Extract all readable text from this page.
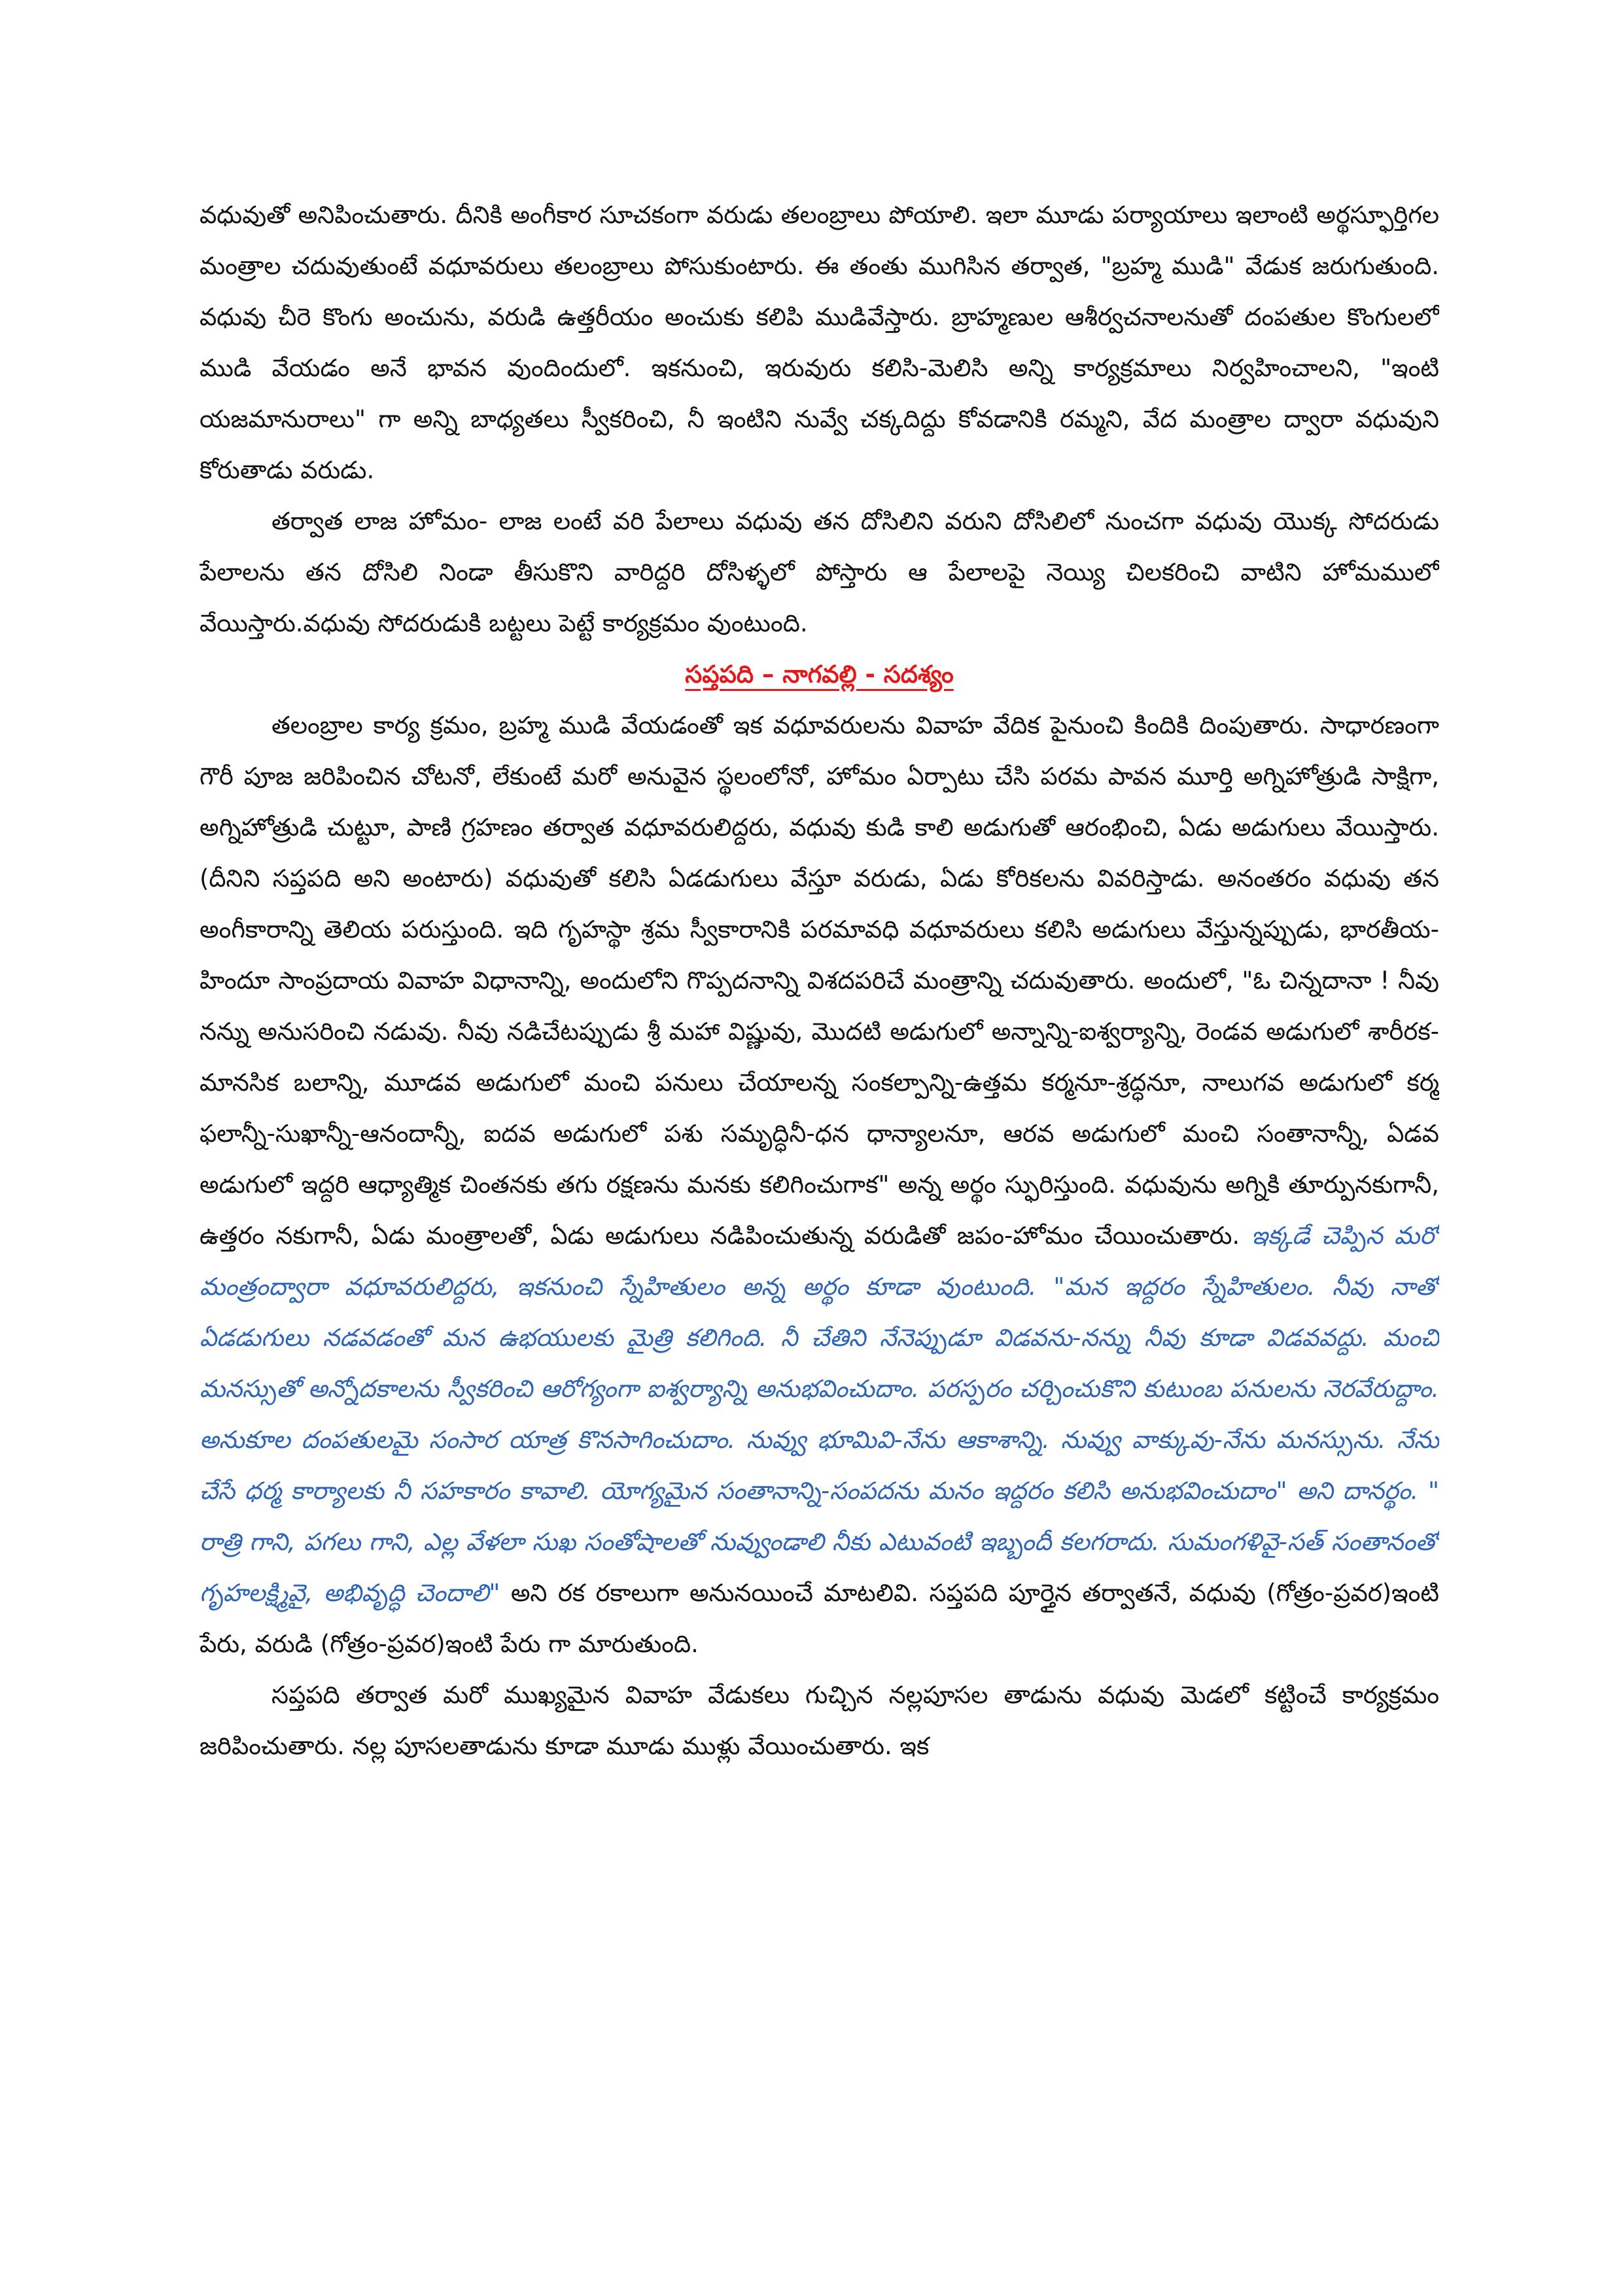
వధువుతో అనిపించుతారు. దీనికి అంగీకార సూచకంగా వరుడు తలంబ్రాలు పోయాలి. ఇలా మూడు పర్యాయాలు ఇలాంటి అర్థస్ఫూర్తిగల మంత్రాల చదువుతుంటే వధూవరులు తలంబ్రాలు పోసుకుంటారు. ఈ తంతు ముగిసిన తర్వాత, "బ్రహ్మ ముడి" వేడుక జరుగుతుంది. వధువు చీరె కొంగు అంచును, వరుడి ఉత్తరీయం అంచుకు కలిపి ముడివేస్తారు. బ్రాహ్మణుల ఆశీర్వచనాలనుతో దంపతుల కొంగులలో ముడి వేయడం అనే భావన వుందిందులో. ఇకనుంచి, ఇరువురు కలిసి-మెలిసి అన్ని కార్యక్రమాలు నిర్వహించాలని, "ఇంటి యజమానురాలు" గా అన్ని బాధ్యతలు స్వీకరించి, నీ ఇంటిని నువ్వే చక్కదిద్దు కోవడానికి రమ్మని, వేద మంత్రాల ద్వారా వధువుని కోరుతాడు వరుడు.

తర్వాత లాజ హోమం- లాజ లంటే వరి పేలాలు వధువు తన దోసిలిని వరుని దోసిలిలో నుంచగా వధువు యొక్క సోదరుడు పేలాలను తన దోసిలి నిండా తీసుకొని వారిద్దరి దోసిళ్ళలో పోస్తారు ఆ పేలాలపై నెయ్యి చిలకరించి వాటిని హోమములో వేయిస్తారు.వధువు సోదరుడుకి బట్టలు పెట్టే కార్యక్రమం వుంటుంది.

సప్తపది – నాగవల్లి - సదశ్యం

తలంబ్రాల కార్య క్రమం, బ్రహ్మ ముడి వేయడంతో ఇక వధూవరులను వివాహ వేదిక పైనుంచి కిందికి దింపుతారు. సాధారణంగా గౌరీ పూజ జరిపించిన చోటనో, లేకుంటే మరో అనువైన స్థలంలోనో, హోమం ఏర్పాటు చేసి పరమ పావన మూర్తి అగ్నిహోత్రుడి సాక్షిగా, అగ్నిహోత్రుడి చుట్టూ, పాణి గ్రహణం తర్వాత వధూవరులిద్దరు, వధువు కుడి కాలి అడుగుతో ఆరంభించి, ఏడు అడుగులు వేయిస్తారు. (దీనిని సప్తపది అని అంటారు) వధువుతో కలిసి ఏడడుగులు వేస్తూ వరుడు, ఏడు కోరికలను వివరిస్తాడు. అనంతరం వధువు తన అంగీకారాన్ని తెలియ పరుస్తుంది. ఇది గృహస్థా శ్రమ స్వీకారానికి పరమావధి వధూవరులు కలిసి అడుగులు వేస్తున్నప్పుడు, భారతీయ-హిందూ సాంప్రదాయ వివాహ విధానాన్ని, అందులోని గొప్పదనాన్ని విశదపరిచే మంత్రాన్ని చదువుతారు. అందులో, "ఓ చిన్నదానా ! నీవు నన్ను అనుసరించి నడువు. నీవు నడిచేటప్పుడు శ్రీ మహా విష్ణువు, మొదటి అడుగులో అన్నాన్ని-ఐశ్వర్యాన్ని, రెండవ అడుగులో శారీరక-మానసిక బలాన్ని, మూడవ అడుగులో మంచి పనులు చేయాలన్న సంకల్పాన్ని-ఉత్తమ కర్మనూ-శ్రద్ధనూ, నాలుగవ అడుగులో కర్మ ఫలాన్నీ-సుఖాన్నీ-ఆనందాన్నీ, ఐదవ అడుగులో పశు సమృద్ధినీ-ధన ధాన్యాలనూ, ఆరవ అడుగులో మంచి సంతానాన్నీ, ఏడవ అడుగులో ఇద్దరి ఆధ్యాత్మిక చింతనకు తగు రక్షణను మనకు కలిగించుగాక" అన్న అర్థం స్ఫురిస్తుంది. వధువును అగ్నికి తూర్పునకుగానీ, ఉత్తరం నకుగానీ, ఏడు మంత్రాలతో, ఏడు అడుగులు నడిపించుతున్న వరుడితో జపం-హోమం చేయించుతారు. ఇక్కడే చెప్పిన మరో మంత్రంద్వారా వధూవరులిద్దరు, ఇకనుంచి స్నేహితులం అన్న అర్థం కూడా వుంటుంది. "మన ఇద్దరం స్నేహితులం. నీవు నాతో ఏడడుగులు నడవడంతో మన ఉభయులకు మైత్రి కలిగింది. నీ చేతిని నేనెప్పుడూ విడవను-నన్ను నీవు కూడా విడవవద్దు. మంచి మనస్సుతో అన్నోదకాలను స్వీకరించి ఆరోగ్యంగా ఐశ్వర్యాన్ని అనుభవించుదాం. పరస్పరం చర్చించుకొని కుటుంబ పనులను నెరవేరుద్దాం. అనుకూల దంపతులమై సంసార యాత్ర కొనసాగించుదాం. నువ్వు భూమివి-నేను ఆకాశాన్ని. నువ్వు వాక్కువు-నేను మనస్సును. నేను చేసే ధర్మ కార్యాలకు నీ సహకారం కావాలి. యోగ్యమైన సంతానాన్ని-సంపదను మనం ఇద్దరం కలిసి అనుభవించుదాం" అని దానర్థం. " రాత్రి గాని, పగలు గాని, ఎల్ల వేళలా సుఖ సంతోషాలతో నువ్వుండాలి నీకు ఎటువంటి ఇబ్బందీ కలగరాదు. సుమంగళివై-సత్ సంతానంతో గృహలక్ష్మివై, అభివృద్ధి చెందాలి" అని రక రకాలుగా అనునయించే మాటలివి. సప్తపది పూర్తైన తర్వాతనే, వధువు (గోత్రం-ప్రవర)ఇంటి పేరు, వరుడి (గోత్రం-ప్రవర)ఇంటి పేరు గా మారుతుంది.

సప్తపది తర్వాత మరో ముఖ్యమైన వివాహ వేడుకలు గుచ్చిన నల్లపూసల తాడును వధువు మెడలో కట్టించే కార్యక్రమం జరిపించుతారు. నల్ల పూసలతాడును కూడా మూడు ముళ్లు వేయించుతారు. ఇక
